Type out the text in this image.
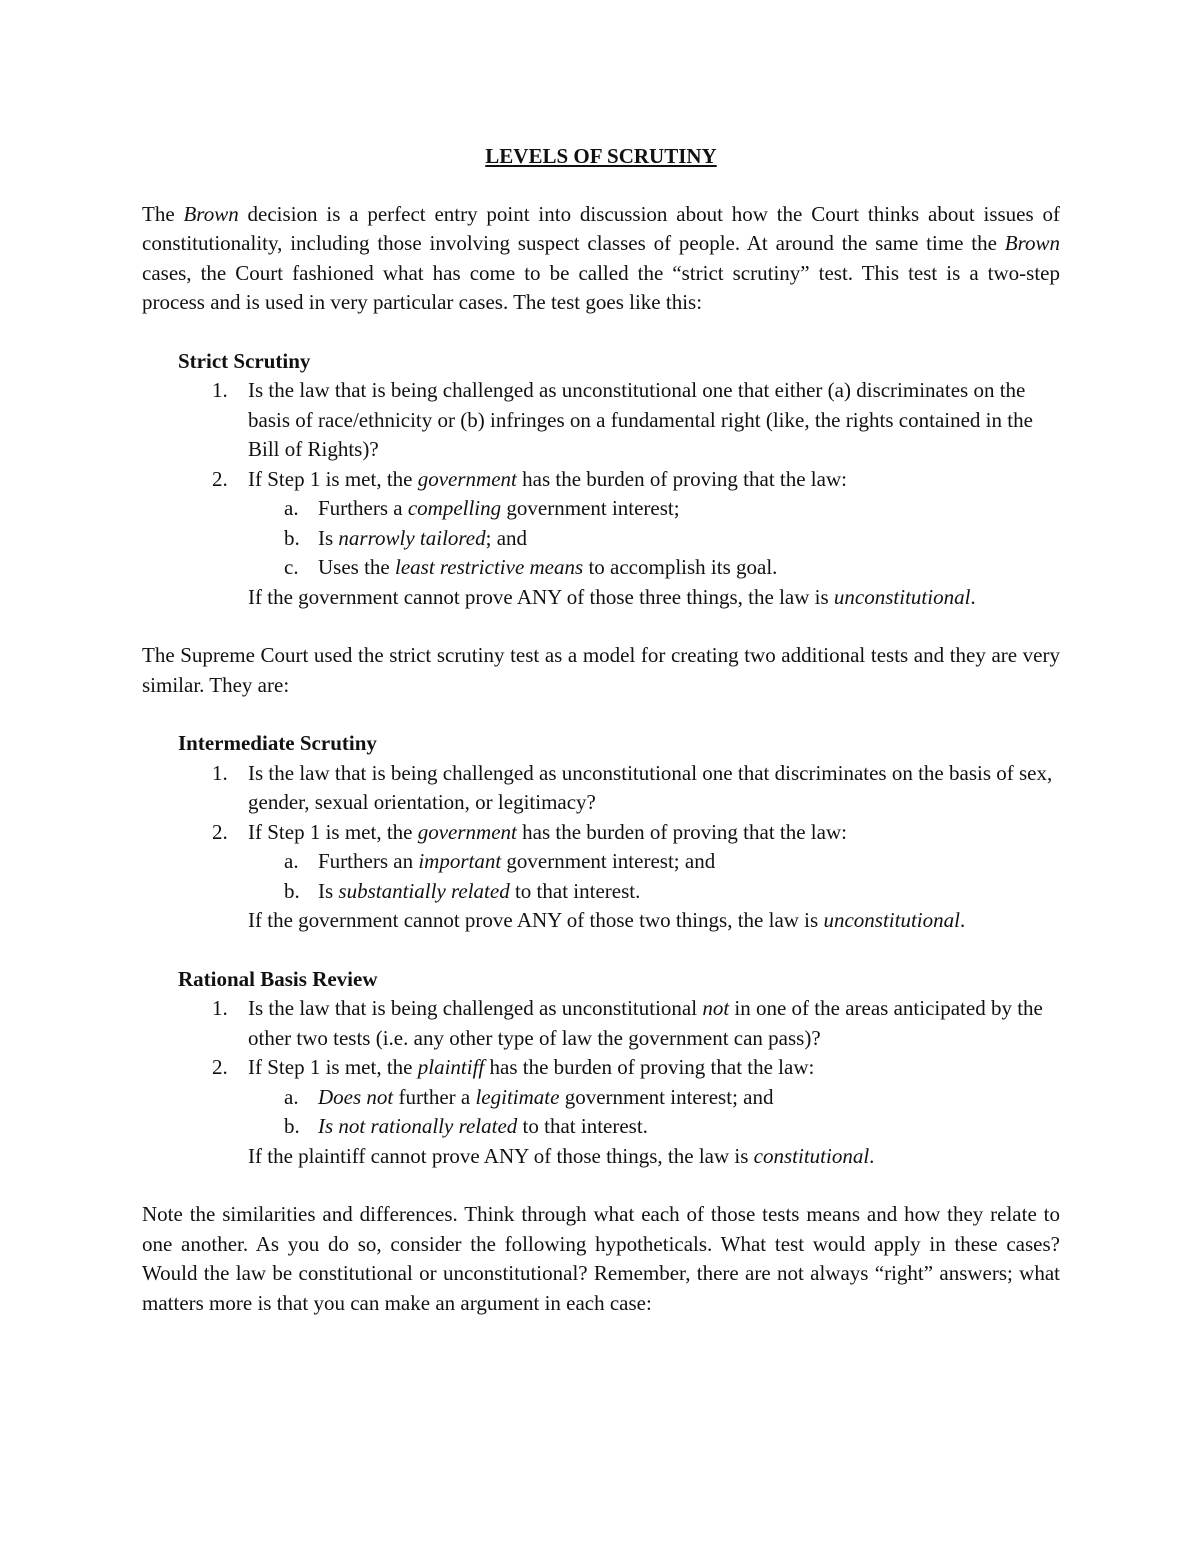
LEVELS OF SCRUTINY

The Brown decision is a perfect entry point into discussion about how the Court thinks about issues of constitutionality, including those involving suspect classes of people. At around the same time the Brown cases, the Court fashioned what has come to be called the “strict scrutiny” test. This test is a two-step process and is used in very particular cases. The test goes like this:

Strict Scrutiny
1. Is the law that is being challenged as unconstitutional one that either (a) discriminates on the basis of race/ethnicity or (b) infringes on a fundamental right (like, the rights contained in the Bill of Rights)?
2. If Step 1 is met, the government has the burden of proving that the law:
a. Furthers a compelling government interest;
b. Is narrowly tailored; and
c. Uses the least restrictive means to accomplish its goal.
If the government cannot prove ANY of those three things, the law is unconstitutional.

The Supreme Court used the strict scrutiny test as a model for creating two additional tests and they are very similar. They are:

Intermediate Scrutiny
1. Is the law that is being challenged as unconstitutional one that discriminates on the basis of sex, gender, sexual orientation, or legitimacy?
2. If Step 1 is met, the government has the burden of proving that the law:
a. Furthers an important government interest; and
b. Is substantially related to that interest.
If the government cannot prove ANY of those two things, the law is unconstitutional.
Rational Basis Review
1. Is the law that is being challenged as unconstitutional not in one of the areas anticipated by the other two tests (i.e. any other type of law the government can pass)?
2. If Step 1 is met, the plaintiff has the burden of proving that the law:
a. Does not further a legitimate government interest; and
b. Is not rationally related to that interest.
If the plaintiff cannot prove ANY of those things, the law is constitutional.

Note the similarities and differences. Think through what each of those tests means and how they relate to one another. As you do so, consider the following hypotheticals. What test would apply in these cases? Would the law be constitutional or unconstitutional? Remember, there are not always “right” answers; what matters more is that you can make an argument in each case:
